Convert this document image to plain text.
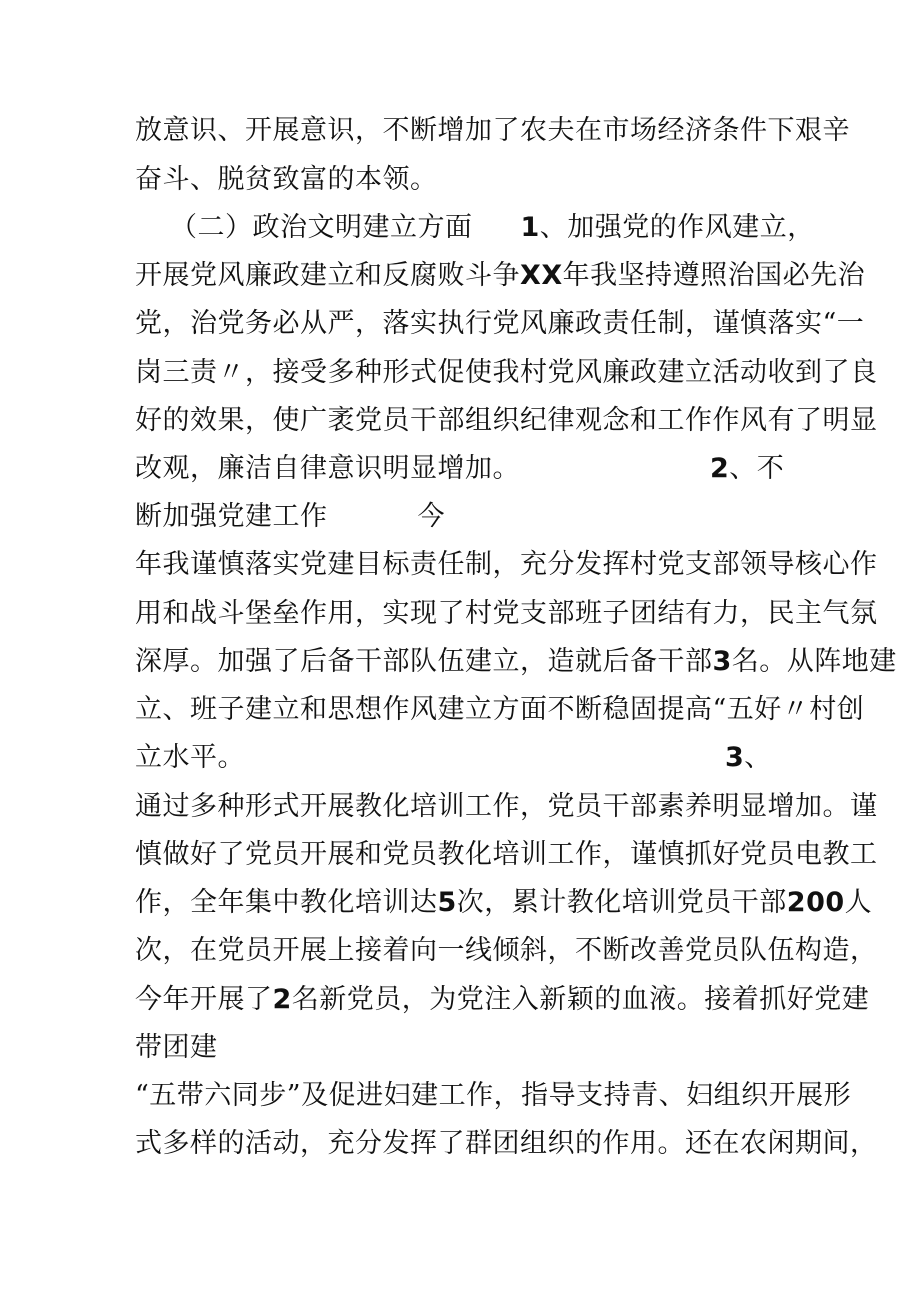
放意识、开展意识，不断增加了农夫在市场经济条件下艰辛
奋斗、脱贫致富的本领。
（二）政治文明建立方面 1、加强党的作风建立，
开展党风廉政建立和反腐败斗争XX年我坚持遵照治国必先治
党，治党务必从严，落实执行党风廉政责任制，谨慎落实“一
岗三责〃，接受多种形式促使我村党风廉政建立活动收到了良
好的效果，使广袤党员干部组织纪律观念和工作作风有了明显
改观，廉洁自律意识明显增加。	2、不
断加强党建工作	今
年我谨慎落实党建目标责任制，充分发挥村党支部领导核心作
用和战斗堡垒作用，实现了村党支部班子团结有力，民主气氛
深厚。加强了后备干部队伍建立，造就后备干部3名。从阵地建
立、班子建立和思想作风建立方面不断稳固提高“五好〃村创
立水平。	3、
通过多种形式开展教化培训工作，党员干部素养明显增加。谨
慎做好了党员开展和党员教化培训工作，谨慎抓好党员电教工
作，全年集中教化培训达5次，累计教化培训党员干部200人
次，在党员开展上接着向一线倾斜，不断改善党员队伍构造，
今年开展了2名新党员，为党注入新颖的血液。接着抓好党建
带团建
“五带六同步”及促进妇建工作，指导支持青、妇组织开展形
式多样的活动，充分发挥了群团组织的作用。还在农闲期间，
